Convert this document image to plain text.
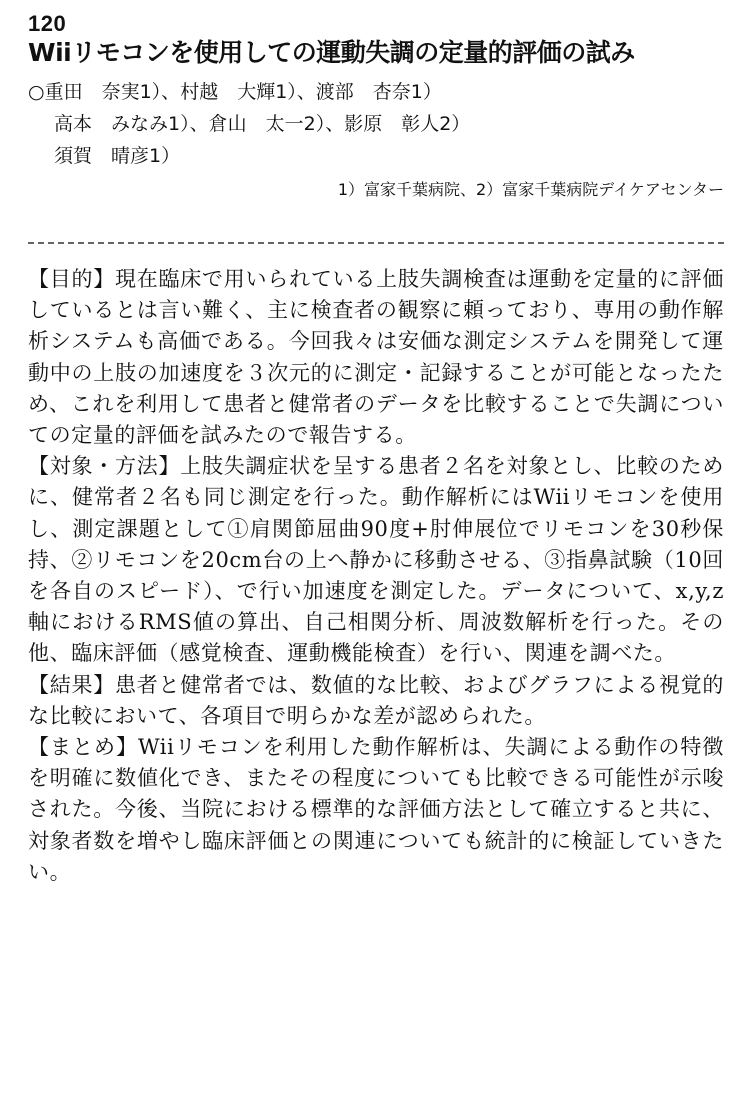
120
Wiiリモコンを使用しての運動失調の定量的評価の試み
○重田　奈実1）、村越　大輝1）、渡部　杏奈1）
高本　みなみ1）、倉山　太一2）、影原　彰人2）
須賀　晴彦1）
1）富家千葉病院、2）富家千葉病院デイケアセンター

【目的】現在臨床で用いられている上肢失調検査は運動を定量的に評価しているとは言い難く、主に検査者の観察に頼っており、専用の動作解析システムも高価である。今回我々は安価な測定システムを開発して運動中の上肢の加速度を３次元的に測定・記録することが可能となったため、これを利用して患者と健常者のデータを比較することで失調についての定量的評価を試みたので報告する。

【対象・方法】上肢失調症状を呈する患者２名を対象とし、比較のために、健常者２名も同じ測定を行った。動作解析にはWiiリモコンを使用し、測定課題として①肩関節屈曲90度+肘伸展位でリモコンを30秒保持、②リモコンを20cm台の上へ静かに移動させる、③指鼻試験（10回を各自のスピード）、で行い加速度を測定した。データについて、x,y,z軸におけるRMS値の算出、自己相関分析、周波数解析を行った。その他、臨床評価（感覚検査、運動機能検査）を行い、関連を調べた。

【結果】患者と健常者では、数値的な比較、およびグラフによる視覚的な比較において、各項目で明らかな差が認められた。

【まとめ】Wiiリモコンを利用した動作解析は、失調による動作の特徴を明確に数値化でき、またその程度についても比較できる可能性が示唆された。今後、当院における標準的な評価方法として確立すると共に、対象者数を増やし臨床評価との関連についても統計的に検証していきたい。
